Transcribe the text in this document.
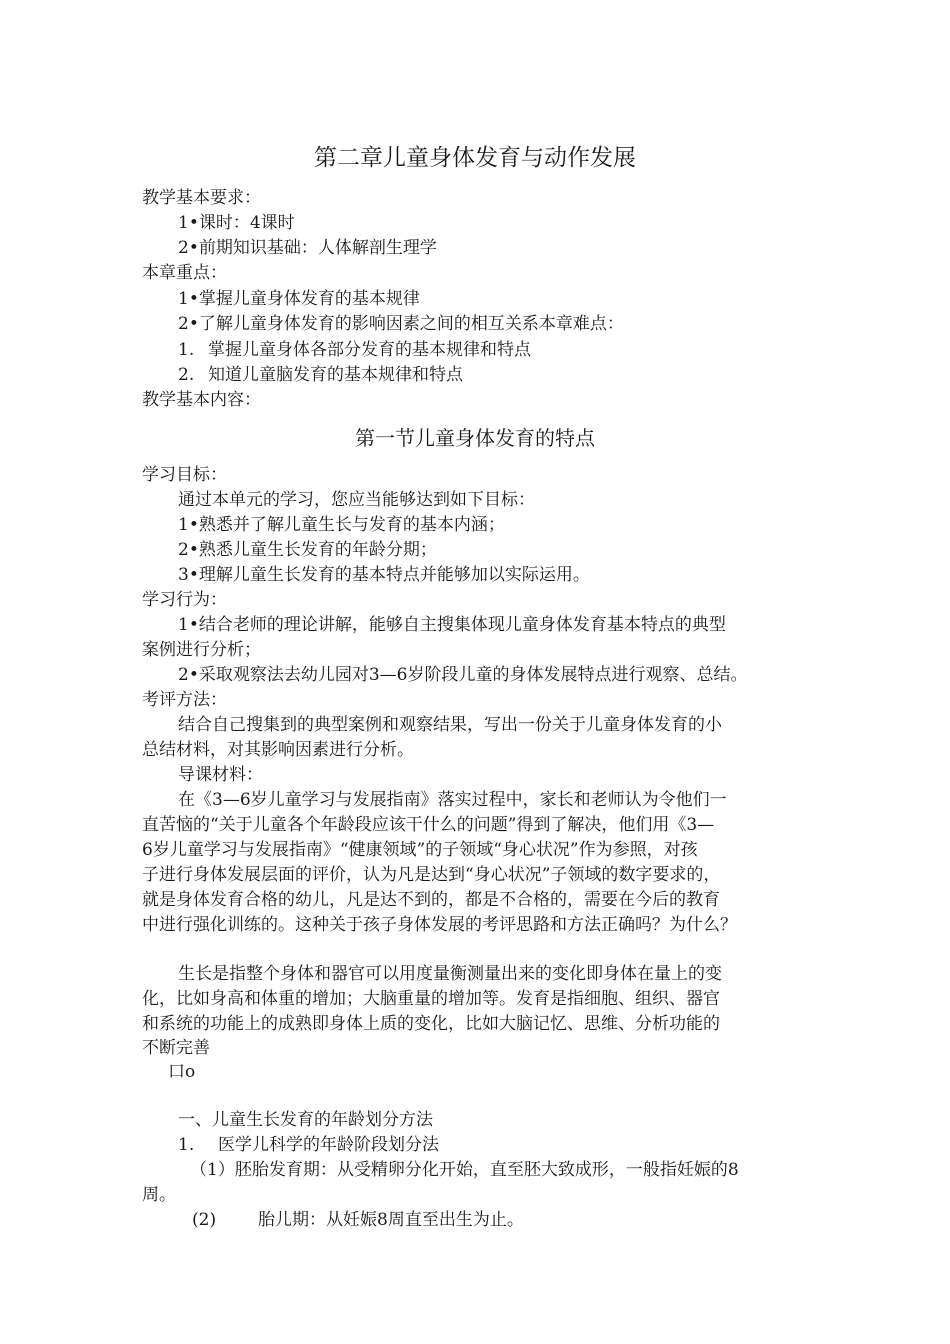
第二章儿童身体发育与动作发展
教学基本要求：
1•课时：4课时
2•前期知识基础：人体解剖生理学
本章重点：
1•掌握儿童身体发育的基本规律
2•了解儿童身体发育的影响因素之间的相互关系本章难点：
1. 掌握儿童身体各部分发育的基本规律和特点
2. 知道儿童脑发育的基本规律和特点
教学基本内容：
第一节儿童身体发育的特点
学习目标：
通过本单元的学习，您应当能够达到如下目标：
1•熟悉并了解儿童生长与发育的基本内涵；
2•熟悉儿童生长发育的年龄分期；
3•理解儿童生长发育的基本特点并能够加以实际运用。
学习行为：
1•结合老师的理论讲解，能够自主搜集体现儿童身体发育基本特点的典型
案例进行分析；
2•采取观察法去幼儿园对3—6岁阶段儿童的身体发展特点进行观察、总结。
考评方法：
结合自己搜集到的典型案例和观察结果，写出一份关于儿童身体发育的小
总结材料，对其影响因素进行分析。
导课材料：
在《3—6岁儿童学习与发展指南》落实过程中，家长和老师认为令他们一
直苦恼的“关于儿童各个年龄段应该干什么的问题”得到了解决，他们用《3—
6岁儿童学习与发展指南》“健康领域”的子领域“身心状况”作为参照，对孩
子进行身体发展层面的评价，认为凡是达到“身心状况”子领域的数字要求的，
就是身体发育合格的幼儿，凡是达不到的，都是不合格的，需要在今后的教育
中进行强化训练的。这种关于孩子身体发展的考评思路和方法正确吗？为什么？
生长是指整个身体和器官可以用度量衡测量出来的变化即身体在量上的变
化，比如身高和体重的增加；大脑重量的增加等。发育是指细胞、组织、器官
和系统的功能上的成熟即身体上质的变化，比如大脑记忆、思维、分析功能的
不断完善
口o
一、儿童生长发育的年龄划分方法
1. 医学儿科学的年龄阶段划分法
（1）胚胎发育期：从受精卵分化开始，直至胚大致成形，一般指妊娠的8
周。
(2) 胎儿期：从妊娠8周直至出生为止。
